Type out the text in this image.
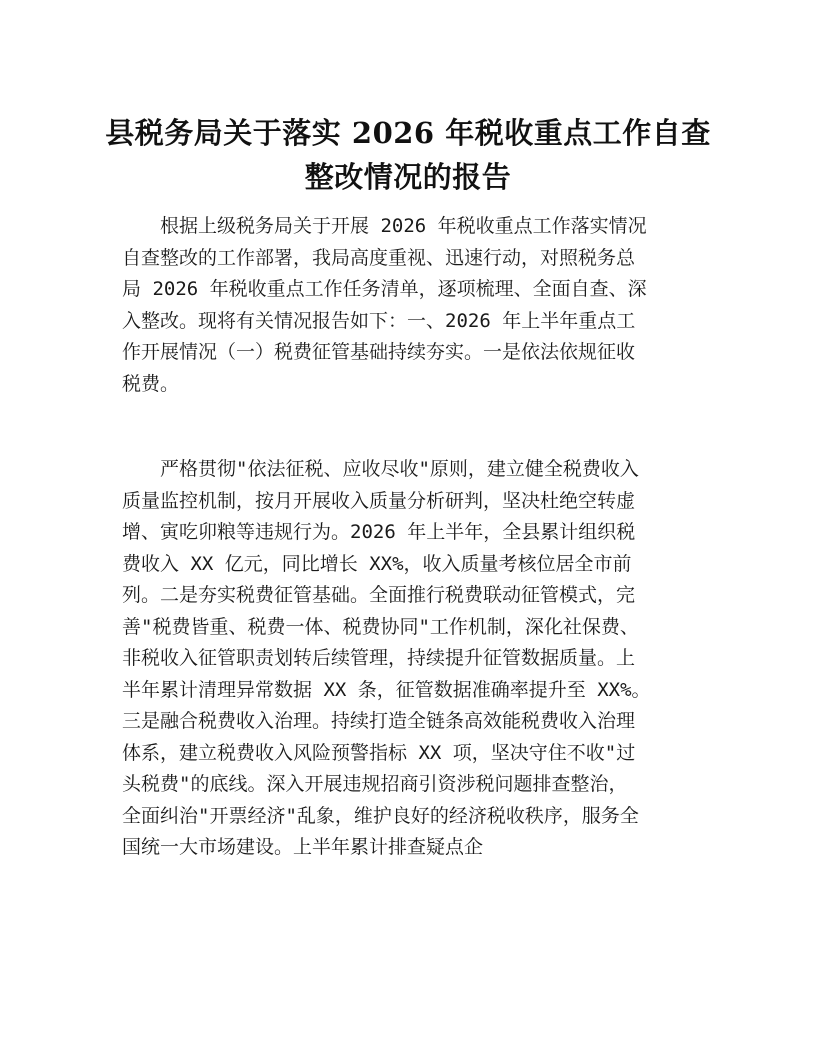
县税务局关于落实 2026 年税收重点工作自查
整改情况的报告
　　根据上级税务局关于开展 2026 年税收重点工作落实情况
自查整改的工作部署，我局高度重视、迅速行动，对照税务总
局 2026 年税收重点工作任务清单，逐项梳理、全面自查、深
入整改。现将有关情况报告如下：一、2026 年上半年重点工
作开展情况（一）税费征管基础持续夯实。一是依法依规征收
税费。
　　严格贯彻"依法征税、应收尽收"原则，建立健全税费收入
质量监控机制，按月开展收入质量分析研判，坚决杜绝空转虚
增、寅吃卯粮等违规行为。2026 年上半年，全县累计组织税
费收入 XX 亿元，同比增长 XX%，收入质量考核位居全市前
列。二是夯实税费征管基础。全面推行税费联动征管模式，完
善"税费皆重、税费一体、税费协同"工作机制，深化社保费、
非税收入征管职责划转后续管理，持续提升征管数据质量。上
半年累计清理异常数据 XX 条，征管数据准确率提升至 XX%。
三是融合税费收入治理。持续打造全链条高效能税费收入治理
体系，建立税费收入风险预警指标 XX 项，坚决守住不收"过
头税费"的底线。深入开展违规招商引资涉税问题排查整治，
全面纠治"开票经济"乱象，维护良好的经济税收秩序，服务全
国统一大市场建设。上半年累计排查疑点企
